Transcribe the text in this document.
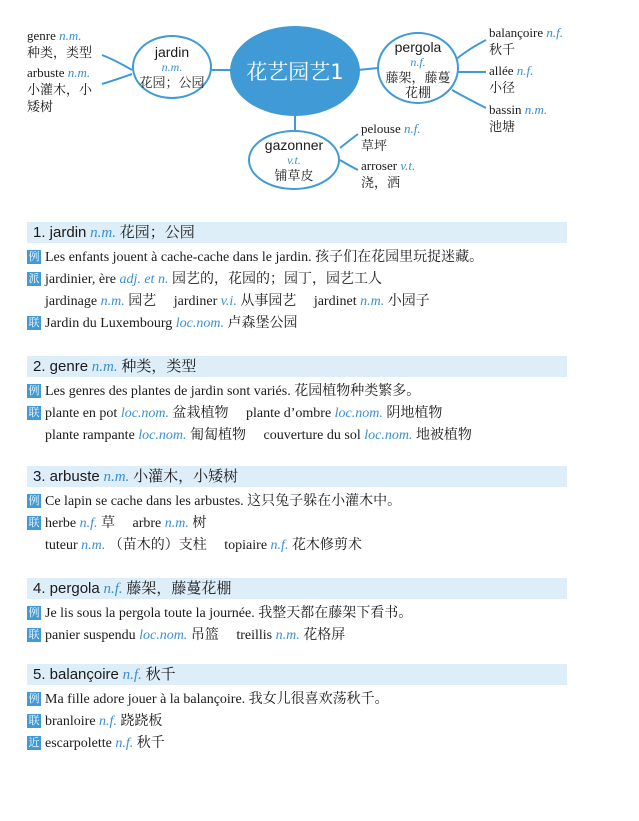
genre n.m.
种类，类型
arbuste n.m.
小灌木，小
矮树
jardin
n.m.
花园；公园	花艺园艺1
pergola
n.f.
藤架，藤蔓
花棚
balançoire n.f.
秋千
allée n.f.
小径
bassin n.m.
池塘
gazonner
v.t.
铺草皮
pelouse n.f.
草坪
arroser v.t.
浇，洒
1. jardin n.m. 花园；公园
例 Les enfants jouent à cache-cache dans le jardin. 孩子们在花园里玩捉迷藏。
派 jardinier, ère adj. et n. 园艺的，花园的；园丁，园艺工人
jardinage n.m. 园艺 jardiner v.i. 从事园艺 jardinet n.m. 小园子
联 Jardin du Luxembourg loc.nom. 卢森堡公园
2. genre n.m. 种类，类型
例 Les genres des plantes de jardin sont variés. 花园植物种类繁多。
联 plante en pot loc.nom. 盆栽植物 plante d’ombre loc.nom. 阴地植物
plante rampante loc.nom. 匍匐植物 couverture du sol loc.nom. 地被植物
3. arbuste n.m. 小灌木，小矮树
例 Ce lapin se cache dans les arbustes. 这只兔子躲在小灌木中。
联 herbe n.f. 草 arbre n.m. 树
tuteur n.m. （苗木的）支柱 topiaire n.f. 花木修剪术
4. pergola n.f. 藤架，藤蔓花棚
例 Je lis sous la pergola toute la journée. 我整天都在藤架下看书。
联 panier suspendu loc.nom. 吊篮 treillis n.m. 花格屏
5. balançoire n.f. 秋千
例 Ma fille adore jouer à la balançoire. 我女儿很喜欢荡秋千。
联 branloire n.f. 跷跷板
近 escarpolette n.f. 秋千
